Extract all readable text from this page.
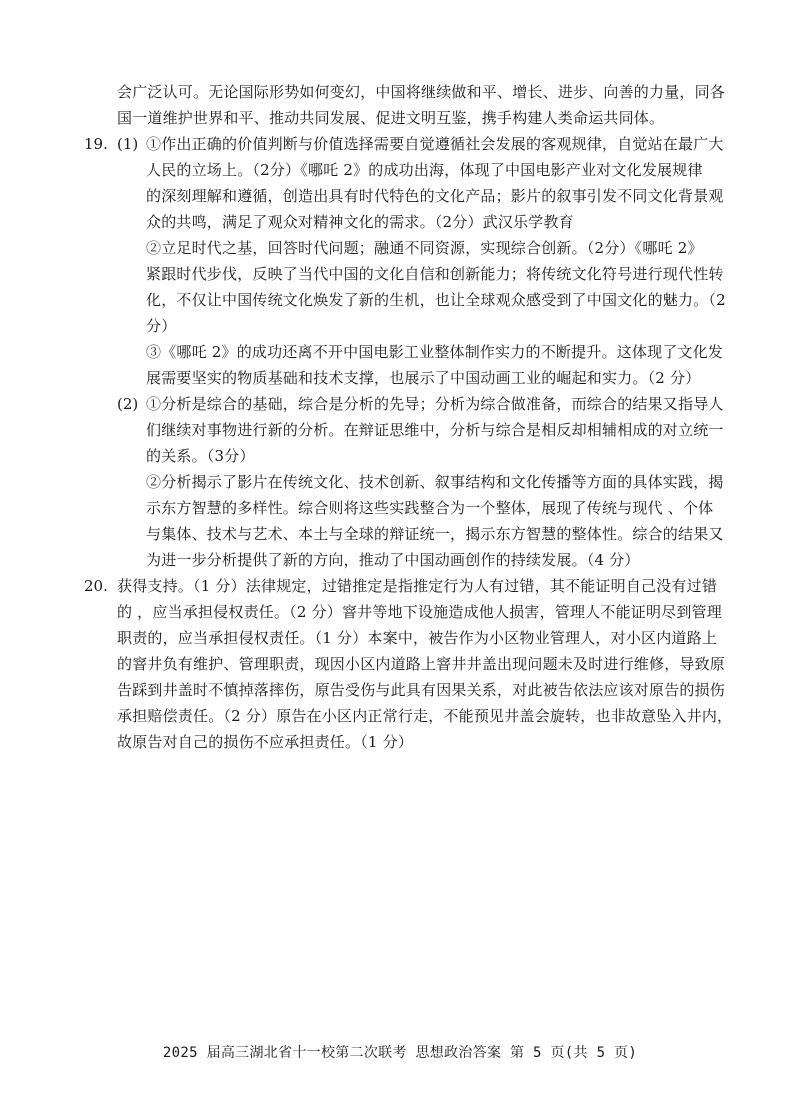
会广泛认可。无论国际形势如何变幻，中国将继续做和平、增长、进步、向善的力量，同各
国一道维护世界和平、推动共同发展、促进文明互鉴，携手构建人类命运共同体。
19. (1) ①作出正确的价值判断与价值选择需要自觉遵循社会发展的客观规律，自觉站在最广大
人民的立场上。（2分）《哪吒 2》的成功出海，体现了中国电影产业对文化发展规律
的深刻理解和遵循，创造出具有时代特色的文化产品；影片的叙事引发不同文化背景观
众的共鸣，满足了观众对精神文化的需求。（2分）武汉乐学教育
②立足时代之基，回答时代问题；融通不同资源，实现综合创新。（2分）《哪吒 2》
紧跟时代步伐，反映了当代中国的文化自信和创新能力；将传统文化符号进行现代性转
化，不仅让中国传统文化焕发了新的生机，也让全球观众感受到了中国文化的魅力。（2
分）
③《哪吒 2》的成功还离不开中国电影工业整体制作实力的不断提升。这体现了文化发
展需要坚实的物质基础和技术支撑，也展示了中国动画工业的崛起和实力。（2 分）
(2) ①分析是综合的基础，综合是分析的先导；分析为综合做准备，而综合的结果又指导人
们继续对事物进行新的分析。在辩证思维中，分析与综合是相反却相辅相成的对立统一
的关系。（3分）
②分析揭示了影片在传统文化、技术创新、叙事结构和文化传播等方面的具体实践，揭
示东方智慧的多样性。综合则将这些实践整合为一个整体，展现了传统与现代 、个体
与集体、技术与艺术、本土与全球的辩证统一，揭示东方智慧的整体性。综合的结果又
为进一步分析提供了新的方向，推动了中国动画创作的持续发展。（4 分）
20. 获得支持。（1 分）法律规定，过错推定是指推定行为人有过错，其不能证明自己没有过错
的 ，应当承担侵权责任。（2 分）窨井等地下设施造成他人损害，管理人不能证明尽到管理
职责的，应当承担侵权责任。（1 分）本案中，被告作为小区物业管理人，对小区内道路上
的窨井负有维护、管理职责，现因小区内道路上窨井井盖出现问题未及时进行维修，导致原
告踩到井盖时不慎掉落摔伤，原告受伤与此具有因果关系，对此被告依法应该对原告的损伤
承担赔偿责任。（2 分）原告在小区内正常行走，不能预见井盖会旋转，也非故意坠入井内，
故原告对自己的损伤不应承担责任。（1 分）
2025 届高三湖北省十一校第二次联考 思想政治答案 第 5 页(共 5 页)
